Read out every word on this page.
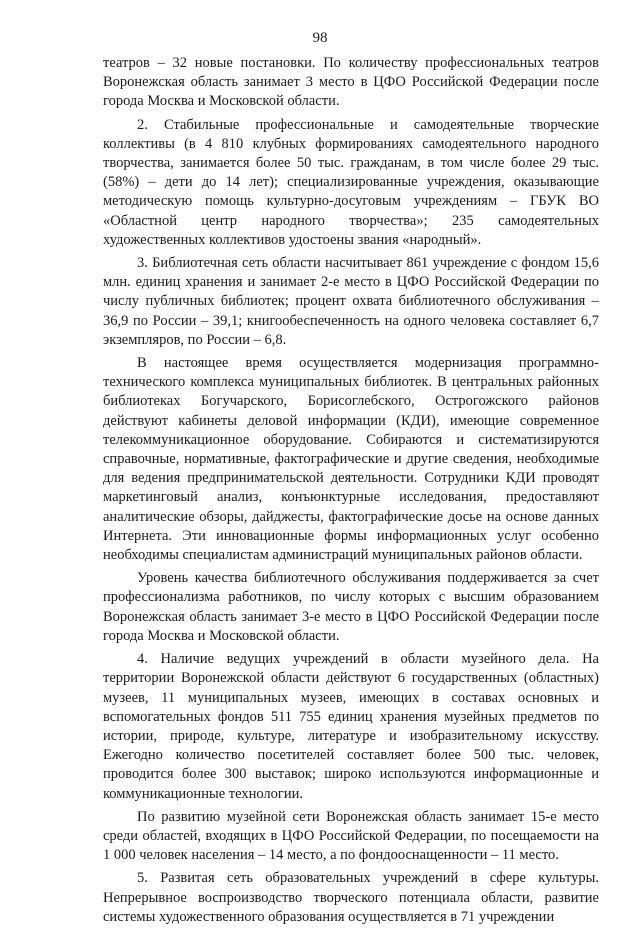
98

театров – 32 новые постановки. По количеству профессиональных театров Воронежская область занимает 3 место в ЦФО Российской Федерации после города Москва и Московской области.

2. Стабильные профессиональные и самодеятельные творческие коллективы (в 4 810 клубных формированиях самодеятельного народного творчества, занимается более 50 тыс. гражданам, в том числе более 29 тыс. (58%) – дети до 14 лет); специализированные учреждения, оказывающие методическую помощь культурно-досуговым учреждениям – ГБУК ВО «Областной центр народного творчества»; 235 самодеятельных художественных коллективов удостоены звания «народный».

3. Библиотечная сеть области насчитывает 861 учреждение с фондом 15,6 млн. единиц хранения и занимает 2-е место в ЦФО Российской Федерации по числу публичных библиотек; процент охвата библиотечного обслуживания – 36,9 по России – 39,1; книгообеспеченность на одного человека составляет 6,7 экземпляров, по России – 6,8.

В настоящее время осуществляется модернизация программно-технического комплекса муниципальных библиотек. В центральных районных библиотеках Богучарского, Борисоглебского, Острогожского районов действуют кабинеты деловой информации (КДИ), имеющие современное телекоммуникационное оборудование. Собираются и систематизируются справочные, нормативные, фактографические и другие сведения, необходимые для ведения предпринимательской деятельности. Сотрудники КДИ проводят маркетинговый анализ, конъюнктурные исследования, предоставляют аналитические обзоры, дайджесты, фактографические досье на основе данных Интернета. Эти инновационные формы информационных услуг особенно необходимы специалистам администраций муниципальных районов области.

Уровень качества библиотечного обслуживания поддерживается за счет профессионализма работников, по числу которых с высшим образованием Воронежская область занимает 3-е место в ЦФО Российской Федерации после города Москва и Московской области.

4. Наличие ведущих учреждений в области музейного дела. На территории Воронежской области действуют 6 государственных (областных) музеев, 11 муниципальных музеев, имеющих в составах основных и вспомогательных фондов 511 755 единиц хранения музейных предметов по истории, природе, культуре, литературе и изобразительному искусству. Ежегодно количество посетителей составляет более 500 тыс. человек, проводится более 300 выставок; широко используются информационные и коммуникационные технологии.

По развитию музейной сети Воронежская область занимает 15-е место среди областей, входящих в ЦФО Российской Федерации, по посещаемости на 1 000 человек населения – 14 место, а по фондооснащенности – 11 место.

5. Развитая сеть образовательных учреждений в сфере культуры. Непрерывное воспроизводство творческого потенциала области, развитие системы художественного образования осуществляется в 71 учреждении
